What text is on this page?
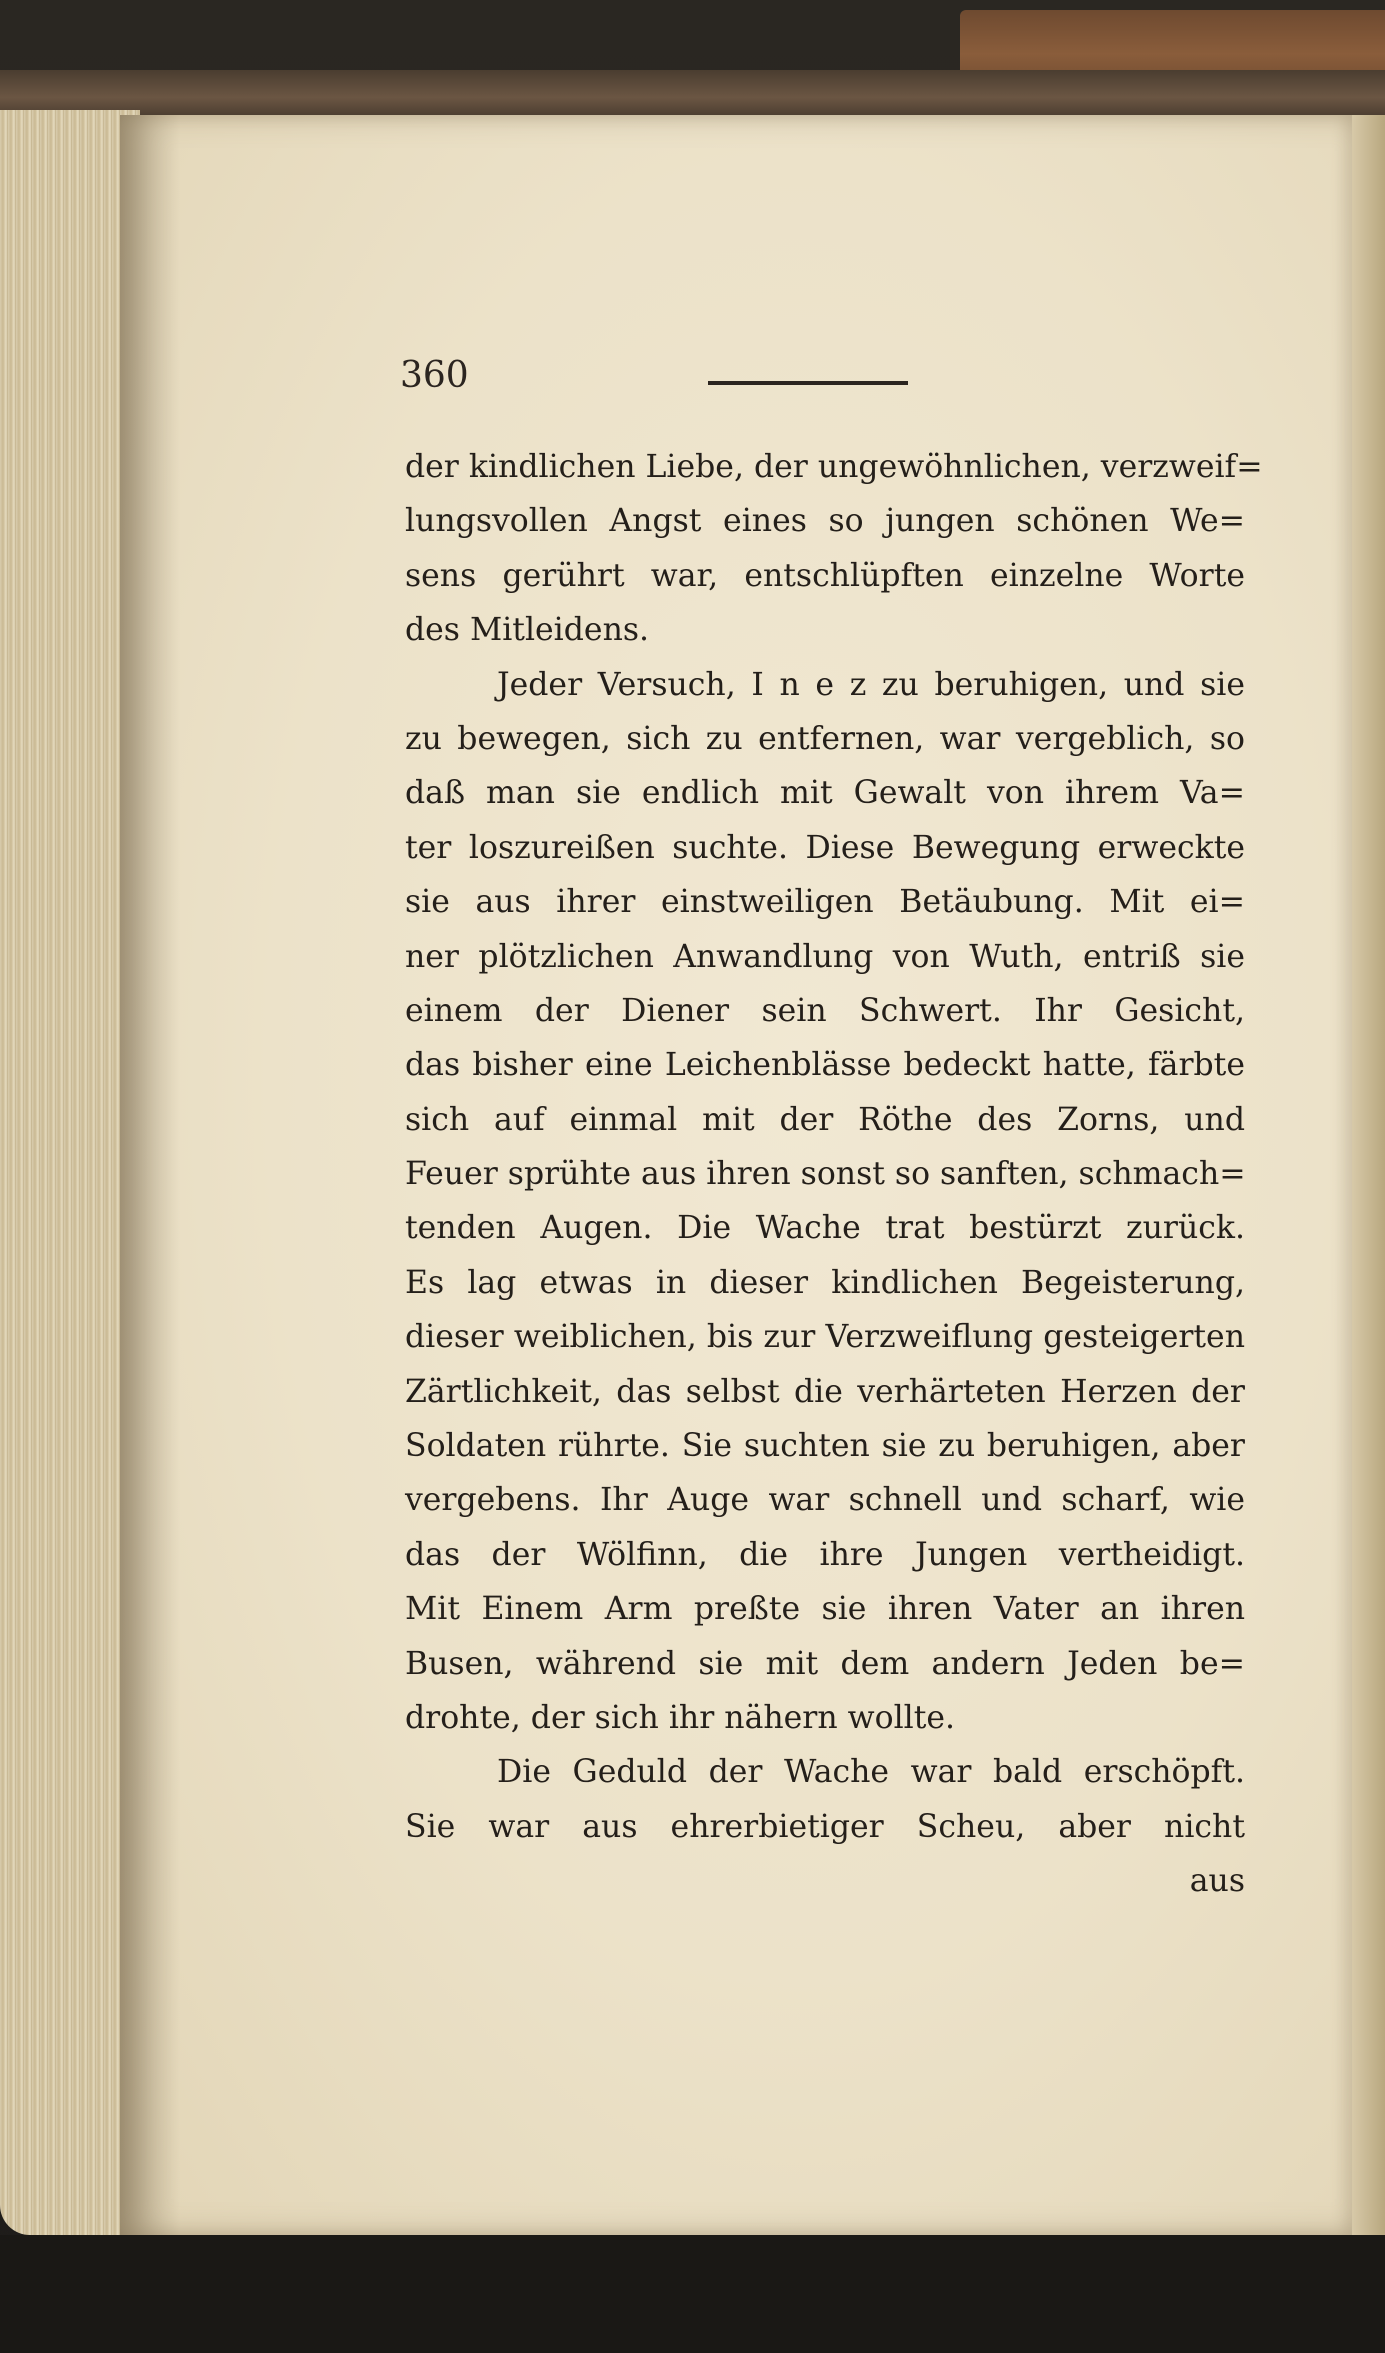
360
der kindlichen Liebe, der ungewöhnlichen, verzweif=
lungsvollen Angst eines so jungen schönen We=
sens gerührt war, entschlüpften einzelne Worte
des Mitleidens.
Jeder Versuch, I n e z zu beruhigen, und sie
zu bewegen, sich zu entfernen, war vergeblich, so
daß man sie endlich mit Gewalt von ihrem Va=
ter loszureißen suchte. Diese Bewegung erweckte
sie aus ihrer einstweiligen Betäubung. Mit ei=
ner plötzlichen Anwandlung von Wuth, entriß sie
einem der Diener sein Schwert. Ihr Gesicht,
das bisher eine Leichenblässe bedeckt hatte, färbte
sich auf einmal mit der Röthe des Zorns, und
Feuer sprühte aus ihren sonst so sanften, schmach=
tenden Augen. Die Wache trat bestürzt zurück.
Es lag etwas in dieser kindlichen Begeisterung,
dieser weiblichen, bis zur Verzweiflung gesteigerten
Zärtlichkeit, das selbst die verhärteten Herzen der
Soldaten rührte. Sie suchten sie zu beruhigen, aber
vergebens. Ihr Auge war schnell und scharf, wie
das der Wölfinn, die ihre Jungen vertheidigt.
Mit Einem Arm preßte sie ihren Vater an ihren
Busen, während sie mit dem andern Jeden be=
drohte, der sich ihr nähern wollte.
Die Geduld der Wache war bald erschöpft.
Sie war aus ehrerbietiger Scheu, aber nicht
aus
